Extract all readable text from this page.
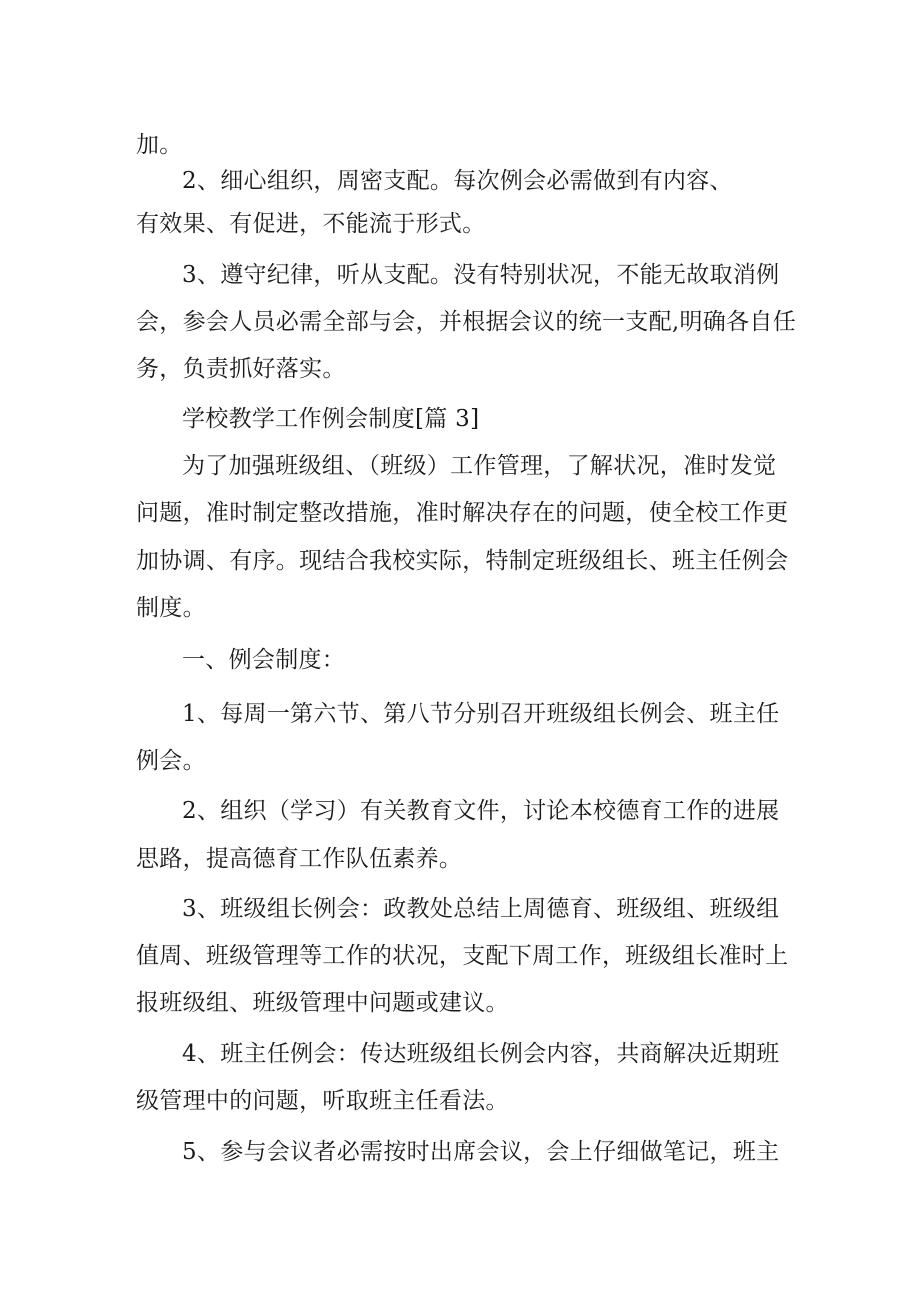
加。

2、细心组织，周密支配。每次例会必需做到有内容、

有效果、有促进，不能流于形式。

3、遵守纪律，听从支配。没有特别状况，不能无故取消例

会，参会人员必需全部与会，并根据会议的统一支配,明确各自任

务，负责抓好落实。

学校教学工作例会制度[篇 3]

为了加强班级组、（班级）工作管理，了解状况，准时发觉

问题，准时制定整改措施，准时解决存在的问题，使全校工作更

加协调、有序。现结合我校实际，特制定班级组长、班主任例会

制度。

一、例会制度：

1、每周一第六节、第八节分别召开班级组长例会、班主任

例会。

2、组织（学习）有关教育文件，讨论本校德育工作的进展

思路，提高德育工作队伍素养。

3、班级组长例会：政教处总结上周德育、班级组、班级组

值周、班级管理等工作的状况，支配下周工作，班级组长准时上

报班级组、班级管理中问题或建议。

4、班主任例会：传达班级组长例会内容，共商解决近期班

级管理中的问题，听取班主任看法。

5、参与会议者必需按时出席会议，会上仔细做笔记，班主
